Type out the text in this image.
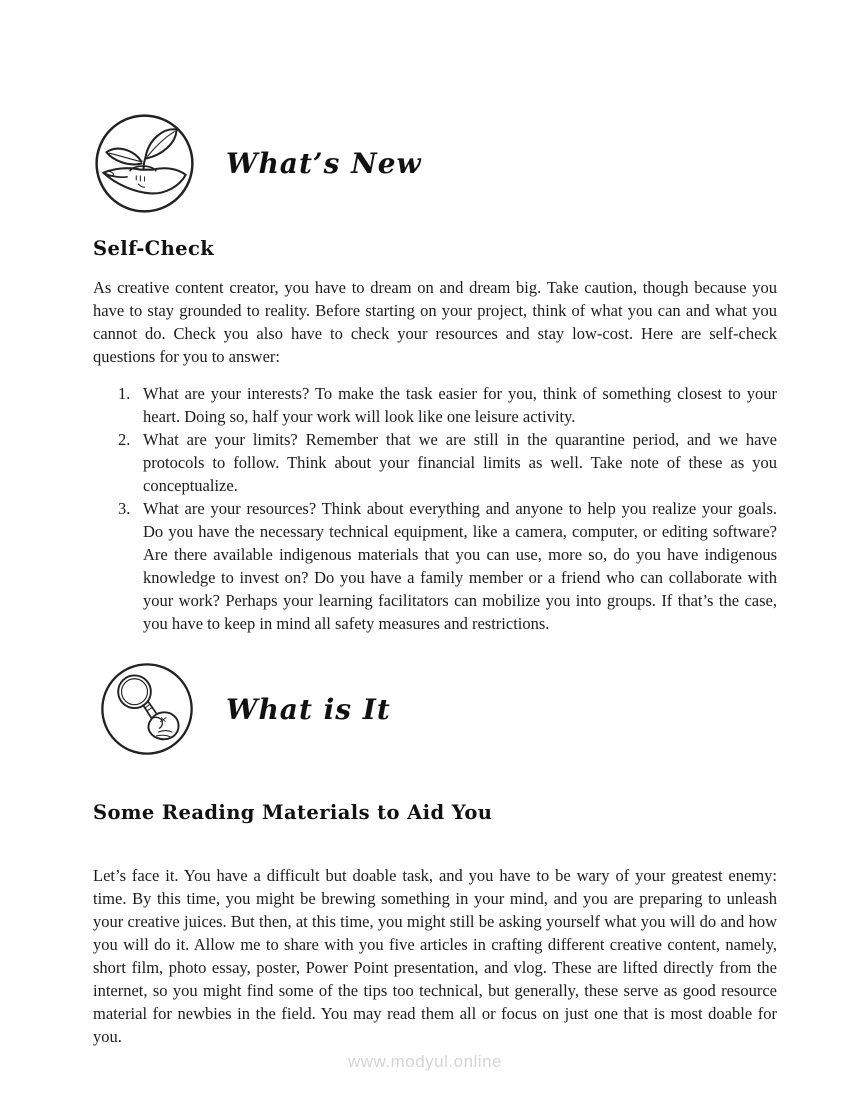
What’s New
Self-Check

As creative content creator, you have to dream on and dream big. Take caution, though because you have to stay grounded to reality. Before starting on your project, think of what you can and what you cannot do. Check you also have to check your resources and stay low-cost. Here are self-check questions for you to answer:

1. What are your interests? To make the task easier for you, think of something closest to your heart. Doing so, half your work will look like one leisure activity.
2. What are your limits? Remember that we are still in the quarantine period, and we have protocols to follow. Think about your financial limits as well. Take note of these as you conceptualize.
3. What are your resources? Think about everything and anyone to help you realize your goals. Do you have the necessary technical equipment, like a camera, computer, or editing software? Are there available indigenous materials that you can use, more so, do you have indigenous knowledge to invest on? Do you have a family member or a friend who can collaborate with your work? Perhaps your learning facilitators can mobilize you into groups. If that’s the case, you have to keep in mind all safety measures and restrictions.
What is It
Some Reading Materials to Aid You

Let’s face it. You have a difficult but doable task, and you have to be wary of your greatest enemy: time. By this time, you might be brewing something in your mind, and you are preparing to unleash your creative juices. But then, at this time, you might still be asking yourself what you will do and how you will do it. Allow me to share with you five articles in crafting different creative content, namely, short film, photo essay, poster, Power Point presentation, and vlog. These are lifted directly from the internet, so you might find some of the tips too technical, but generally, these serve as good resource material for newbies in the field. You may read them all or focus on just one that is most doable for you.

www.modyul.online
